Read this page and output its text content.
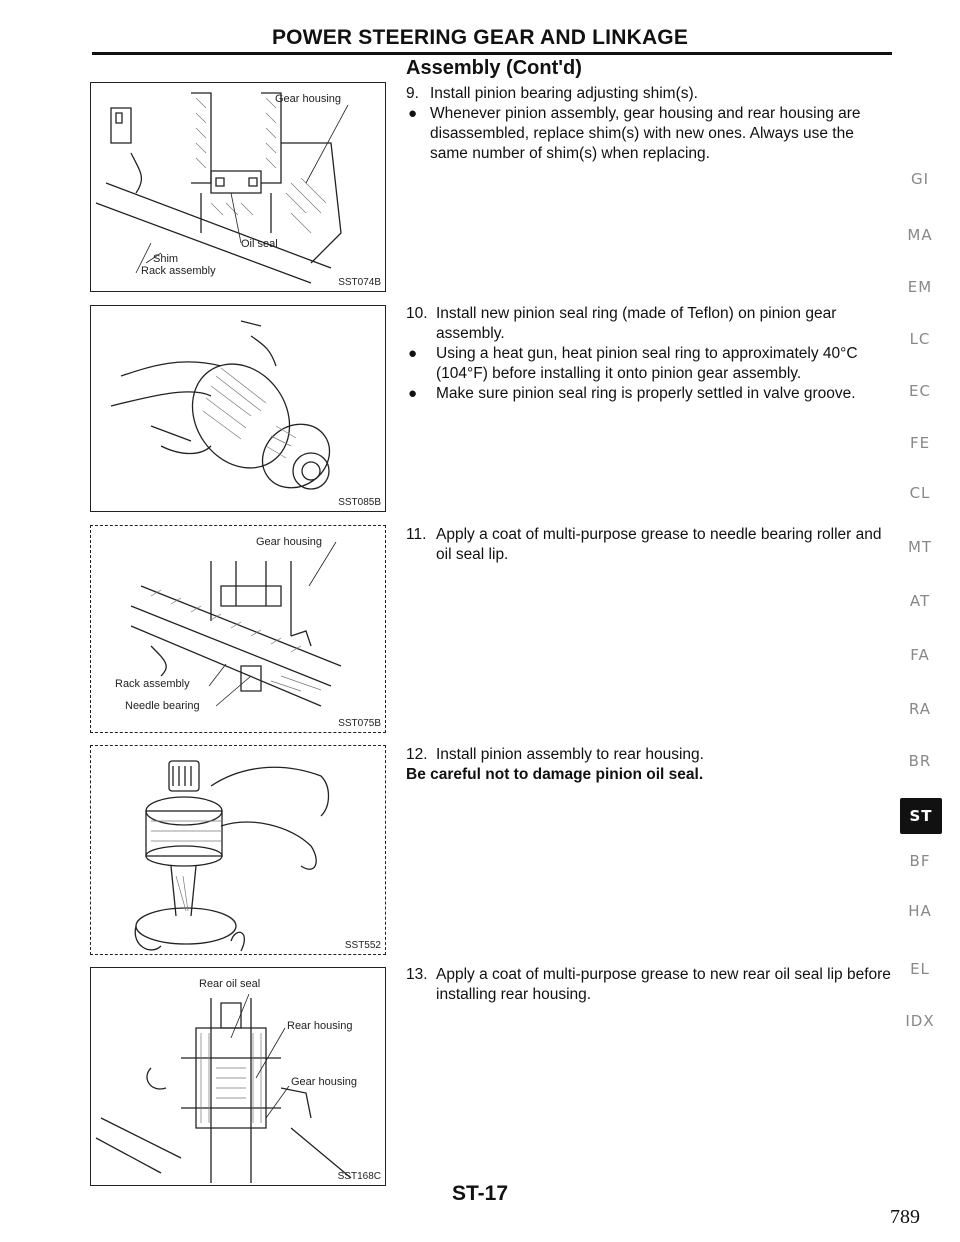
POWER STEERING GEAR AND LINKAGE
Assembly (Cont'd)
Gear housing
Oil seal
Shim
Rack assembly
SST074B
SST085B
Gear housing
Rack assembly
Needle bearing
SST075B
SST552
Rear oil seal
Rear housing
Gear housing
SST168C
9. Install pinion bearing adjusting shim(s).
● Whenever pinion assembly, gear housing and rear housing are disassembled, replace shim(s) with new ones. Always use the same number of shim(s) when replacing.
10. Install new pinion seal ring (made of Teflon) on pinion gear assembly.
● Using a heat gun, heat pinion seal ring to approximately 40°C (104°F) before installing it onto pinion gear assembly.
● Make sure pinion seal ring is properly settled in valve groove.
11. Apply a coat of multi-purpose grease to needle bearing roller and oil seal lip.
12. Install pinion assembly to rear housing.
Be careful not to damage pinion oil seal.
13. Apply a coat of multi-purpose grease to new rear oil seal lip before installing rear housing.
GI
MA
EM
LC
EC
FE
CL
MT
AT
FA
RA
BR
ST
BF
HA
EL
IDX
ST-17
789
